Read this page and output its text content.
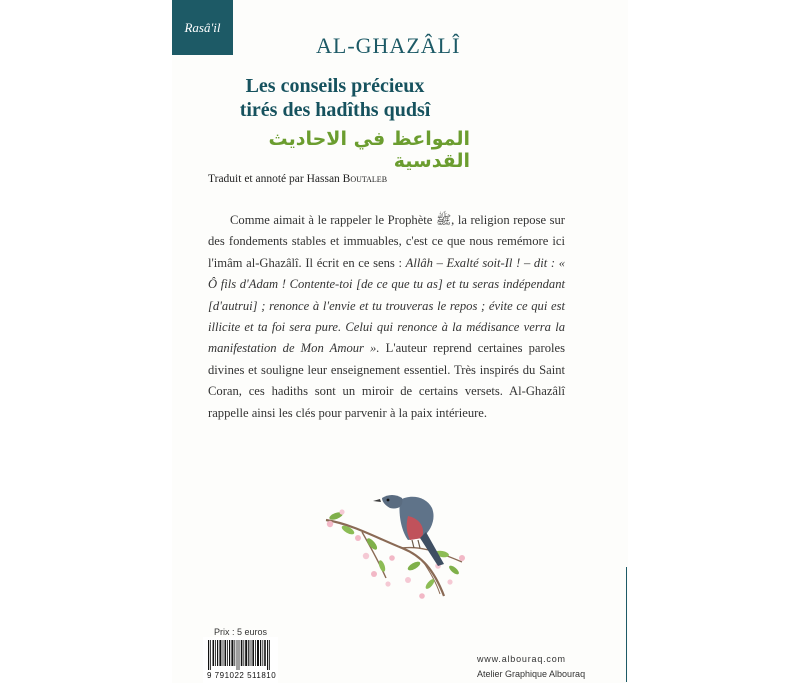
Rasâ'il
AL-GHAZÂLÎ
Les conseils précieux
tirés des hadîths qudsî
المواعظ في الاحاديث القدسية
Traduit et annoté par Hassan Boutaleb
Comme aimait à le rappeler le Prophète ﷺ, la religion repose sur des fondements stables et immuables, c'est ce que nous remémore ici l'imâm al-Ghazâlî. Il écrit en ce sens : Allâh – Exalté soit-Il ! – dit : « Ô fils d'Adam ! Contente-toi [de ce que tu as] et tu seras indépendant [d'autrui] ; renonce à l'envie et tu trouveras le repos ; évite ce qui est illicite et ta foi sera pure. Celui qui renonce à la médisance verra la manifestation de Mon Amour ». L'auteur reprend certaines paroles divines et souligne leur enseignement essentiel. Très inspirés du Saint Coran, ces hadiths sont un miroir de certains versets. Al-Ghazâlî rappelle ainsi les clés pour parvenir à la paix intérieure.
Prix : 5 euros
9 791022 511810
www.albouraq.com
Atelier Graphique Albouraq
